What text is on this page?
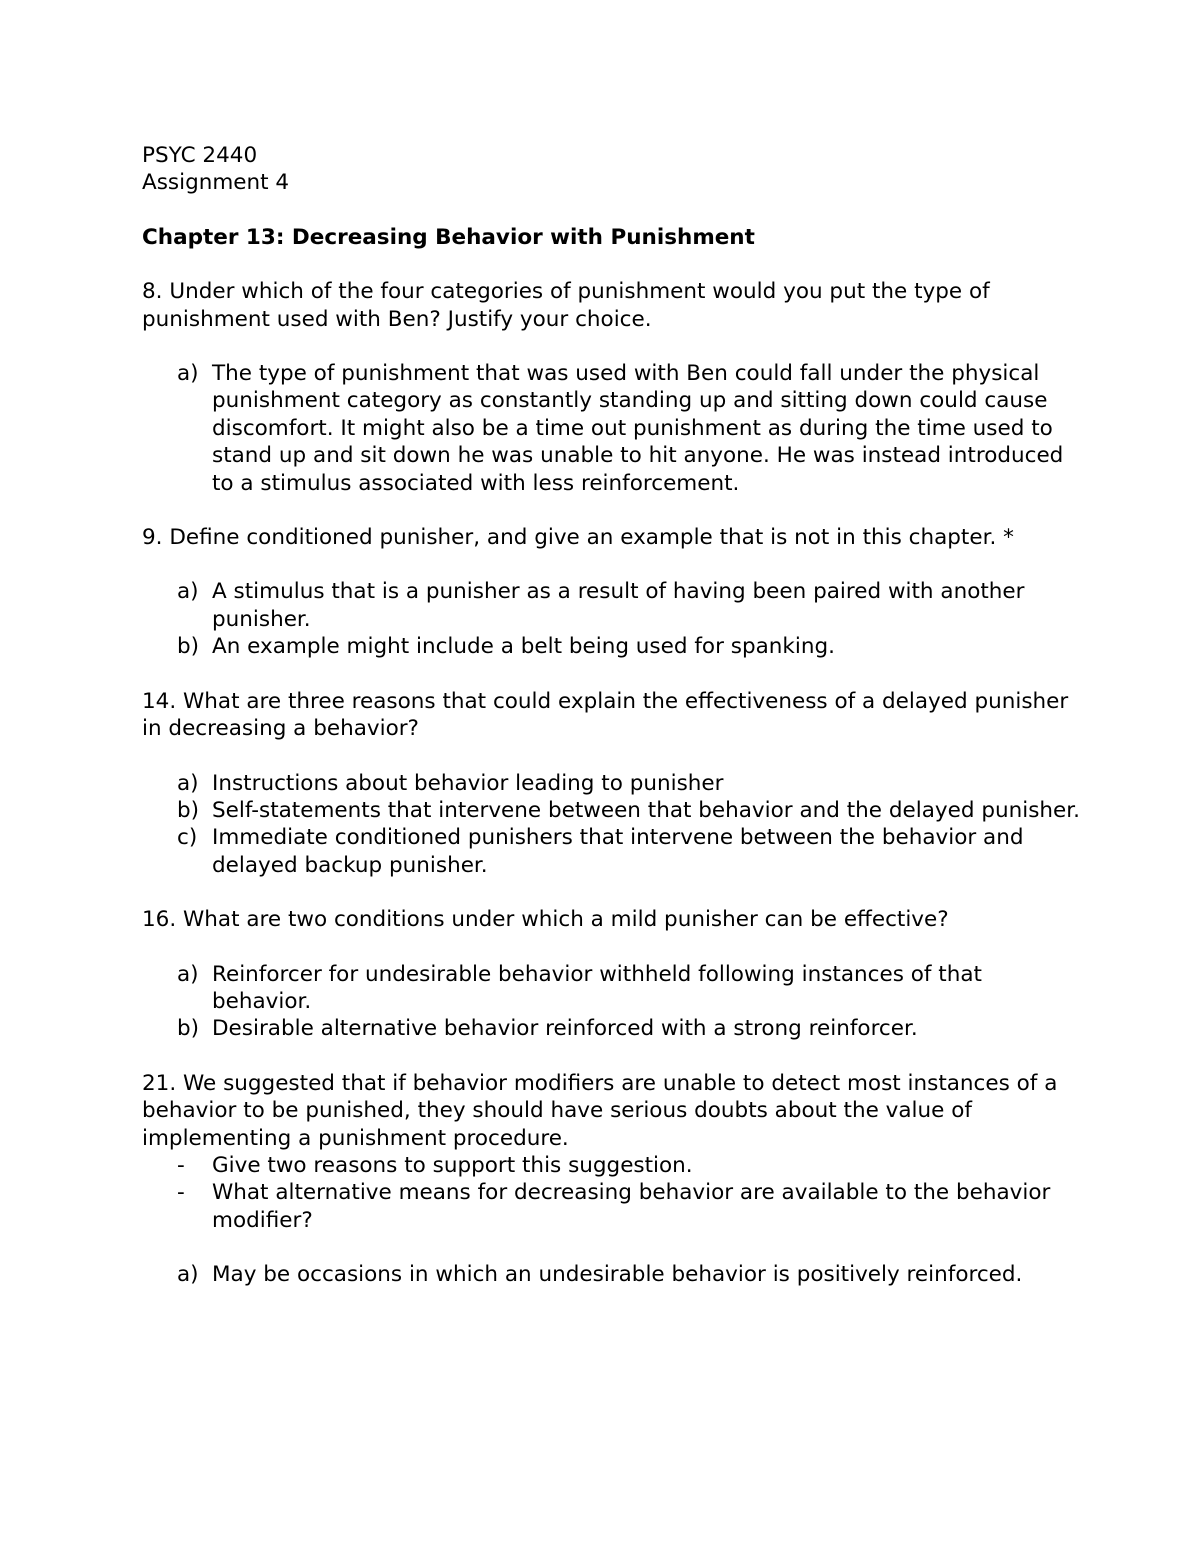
PSYC 2440

Assignment 4

Chapter 13: Decreasing Behavior with Punishment

8. Under which of the four categories of punishment would you put the type of punishment used with Ben? Justify your choice.

a) The type of punishment that was used with Ben could fall under the physical punishment category as constantly standing up and sitting down could cause discomfort. It might also be a time out punishment as during the time used to stand up and sit down he was unable to hit anyone. He was instead introduced to a stimulus associated with less reinforcement.

9. Define conditioned punisher, and give an example that is not in this chapter. *

a) A stimulus that is a punisher as a result of having been paired with another punisher.
b) An example might include a belt being used for spanking.

14. What are three reasons that could explain the effectiveness of a delayed punisher in decreasing a behavior?

a) Instructions about behavior leading to punisher
b) Self-statements that intervene between that behavior and the delayed punisher.
c) Immediate conditioned punishers that intervene between the behavior and delayed backup punisher.

16. What are two conditions under which a mild punisher can be effective?

a) Reinforcer for undesirable behavior withheld following instances of that behavior.
b) Desirable alternative behavior reinforced with a strong reinforcer.

21. We suggested that if behavior modifiers are unable to detect most instances of a behavior to be punished, they should have serious doubts about the value of implementing a punishment procedure.

- Give two reasons to support this suggestion.
- What alternative means for decreasing behavior are available to the behavior modifier?
a) May be occasions in which an undesirable behavior is positively reinforced.
